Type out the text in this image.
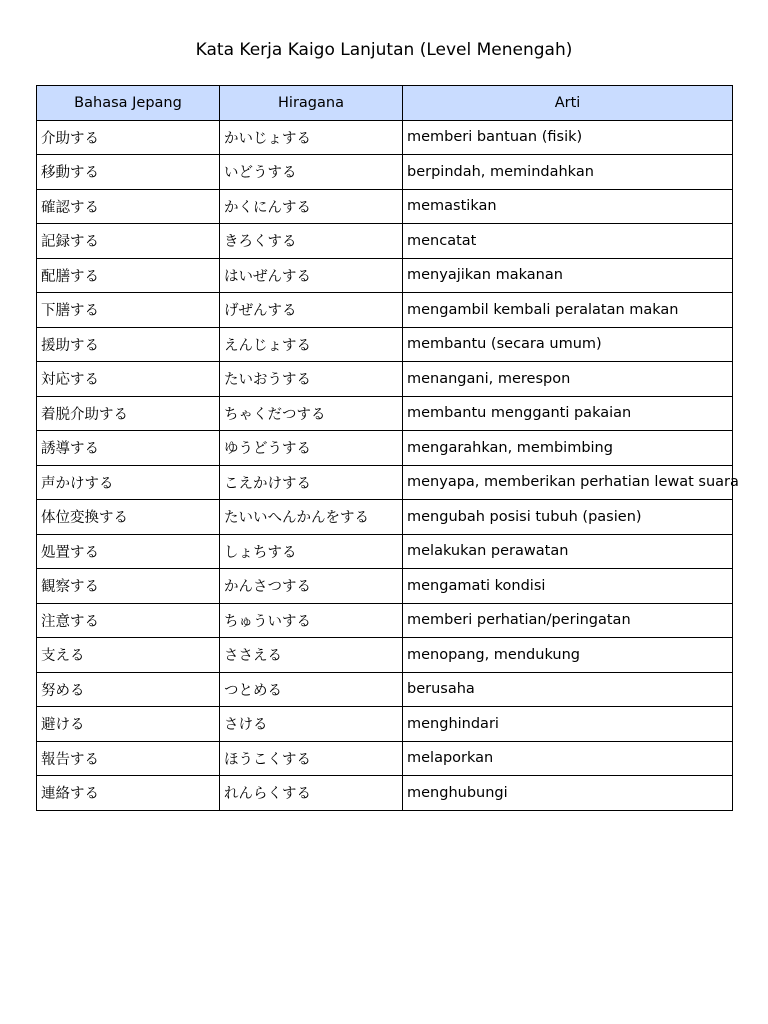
Kata Kerja Kaigo Lanjutan (Level Menengah)
Bahasa Jepang	Hiragana	Arti
介助する	かいじょする	memberi bantuan (fisik)
移動する	いどうする	berpindah, memindahkan
確認する	かくにんする	memastikan
記録する	きろくする	mencatat
配膳する	はいぜんする	menyajikan makanan
下膳する	げぜんする	mengambil kembali peralatan makan
援助する	えんじょする	membantu (secara umum)
対応する	たいおうする	menangani, merespon
着脱介助する	ちゃくだつする	membantu mengganti pakaian
誘導する	ゆうどうする	mengarahkan, membimbing
声かけする	こえかけする	menyapa, memberikan perhatian lewat suara
体位変換する	たいいへんかんをする	mengubah posisi tubuh (pasien)
処置する	しょちする	melakukan perawatan
観察する	かんさつする	mengamati kondisi
注意する	ちゅういする	memberi perhatian/peringatan
支える	ささえる	menopang, mendukung
努める	つとめる	berusaha
避ける	さける	menghindari
報告する	ほうこくする	melaporkan
連絡する	れんらくする	menghubungi
